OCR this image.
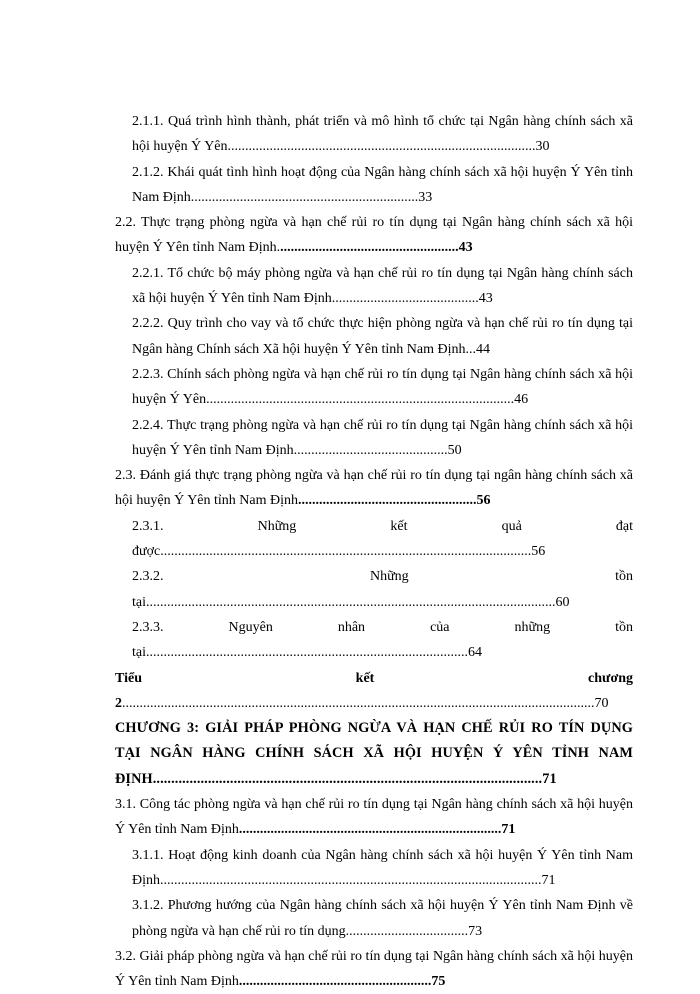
2.1.1. Quá trình hình thành, phát triển và mô hình tổ chức tại Ngân hàng chính sách xã hội huyện Ý Yên........................................................................................30
2.1.2. Khái quát tình hình hoạt động của Ngân hàng chính sách xã hội huyện Ý Yên tỉnh Nam Định.................................................................33
2.2. Thực trạng phòng ngừa và hạn chế rủi ro tín dụng tại Ngân hàng chính sách xã hội huyện Ý Yên tỉnh Nam Định....................................................43
2.2.1. Tổ chức bộ máy phòng ngừa và hạn chế rủi ro tín dụng tại Ngân hàng chính sách xã hội huyện Ý Yên tỉnh Nam Định..........................................43
2.2.2. Quy trình cho vay và tổ chức thực hiện phòng ngừa và hạn chế rủi ro tín dụng tại Ngân hàng Chính sách Xã hội huyện Ý Yên tỉnh Nam Định...44
2.2.3. Chính sách phòng ngừa và hạn chế rủi ro tín dụng tại Ngân hàng chính sách xã hội huyện Ý Yên........................................................................................46
2.2.4. Thực trạng phòng ngừa và hạn chế rủi ro tín dụng tại Ngân hàng chính sách xã hội huyện Ý Yên tỉnh Nam Định............................................50
2.3. Đánh giá thực trạng phòng ngừa và hạn chế rủi ro tín dụng tại ngân hàng chính sách xã hội huyện Ý Yên tỉnh Nam Định...................................................56
2.3.1. Những kết quả đạt được..........................................................................................................56
2.3.2. Những tồn tại.....................................................................................................................60
2.3.3. Nguyên nhân của những tồn tại............................................................................................64
Tiểu kết chương 2.......................................................................................................................................70
CHƯƠNG 3: GIẢI PHÁP PHÒNG NGỪA VÀ HẠN CHẾ RỦI RO TÍN DỤNG TẠI NGÂN HÀNG CHÍNH SÁCH XÃ HỘI HUYỆN Ý YÊN TỈNH NAM ĐỊNH..........................................................................................................71
3.1. Công tác phòng ngừa và hạn chế rủi ro tín dụng tại Ngân hàng chính sách xã hội huyện Ý Yên tỉnh Nam Định...........................................................................71
3.1.1. Hoạt động kinh doanh của Ngân hàng chính sách xã hội huyện Ý Yên tỉnh Nam Định.............................................................................................................71
3.1.2. Phương hướng của Ngân hàng chính sách xã hội huyện Ý Yên tỉnh Nam Định về phòng ngừa và hạn chế rủi ro tín dụng...................................73
3.2. Giải pháp phòng ngừa và hạn chế rủi ro tín dụng tại Ngân hàng chính sách xã hội huyện Ý Yên tỉnh Nam Định.......................................................75
